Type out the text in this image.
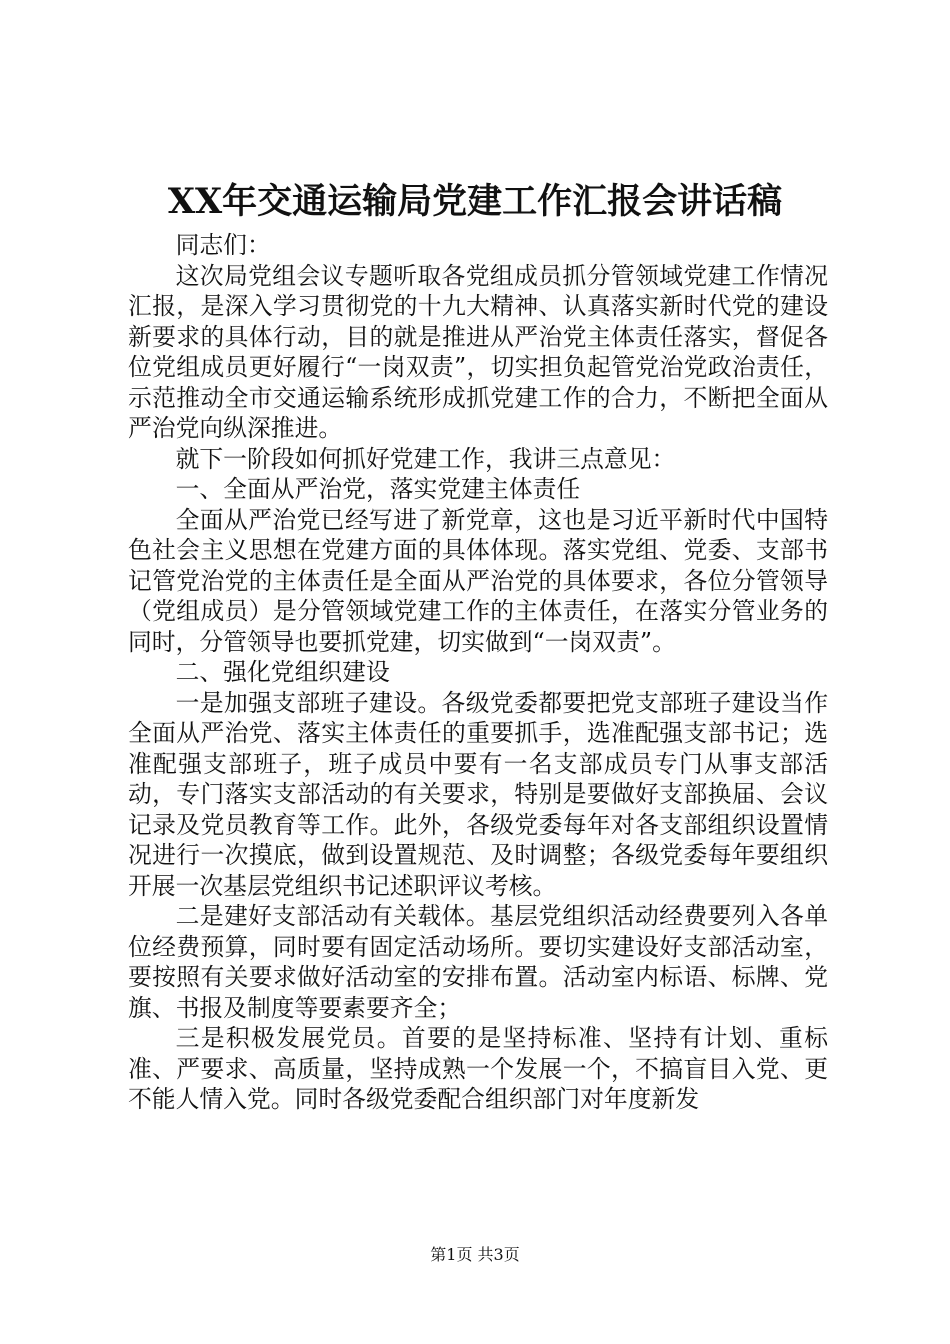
XX年交通运输局党建工作汇报会讲话稿

同志们：

这次局党组会议专题听取各党组成员抓分管领域党建工作情况汇报，是深入学习贯彻党的十九大精神、认真落实新时代党的建设新要求的具体行动，目的就是推进从严治党主体责任落实，督促各位党组成员更好履行“一岗双责”，切实担负起管党治党政治责任，示范推动全市交通运输系统形成抓党建工作的合力，不断把全面从严治党向纵深推进。

就下一阶段如何抓好党建工作，我讲三点意见：

一、全面从严治党，落实党建主体责任

全面从严治党已经写进了新党章，这也是习近平新时代中国特色社会主义思想在党建方面的具体体现。落实党组、党委、支部书记管党治党的主体责任是全面从严治党的具体要求，各位分管领导（党组成员）是分管领域党建工作的主体责任，在落实分管业务的同时，分管领导也要抓党建，切实做到“一岗双责”。

二、强化党组织建设

一是加强支部班子建设。各级党委都要把党支部班子建设当作全面从严治党、落实主体责任的重要抓手，选准配强支部书记；选准配强支部班子，班子成员中要有一名支部成员专门从事支部活动，专门落实支部活动的有关要求，特别是要做好支部换届、会议记录及党员教育等工作。此外，各级党委每年对各支部组织设置情况进行一次摸底，做到设置规范、及时调整；各级党委每年要组织开展一次基层党组织书记述职评议考核。

二是建好支部活动有关载体。基层党组织活动经费要列入各单位经费预算，同时要有固定活动场所。要切实建设好支部活动室，要按照有关要求做好活动室的安排布置。活动室内标语、标牌、党旗、书报及制度等要素要齐全；

三是积极发展党员。首要的是坚持标准、坚持有计划、重标准、严要求、高质量，坚持成熟一个发展一个，不搞盲目入党、更不能人情入党。同时各级党委配合组织部门对年度新发

第1页 共3页
